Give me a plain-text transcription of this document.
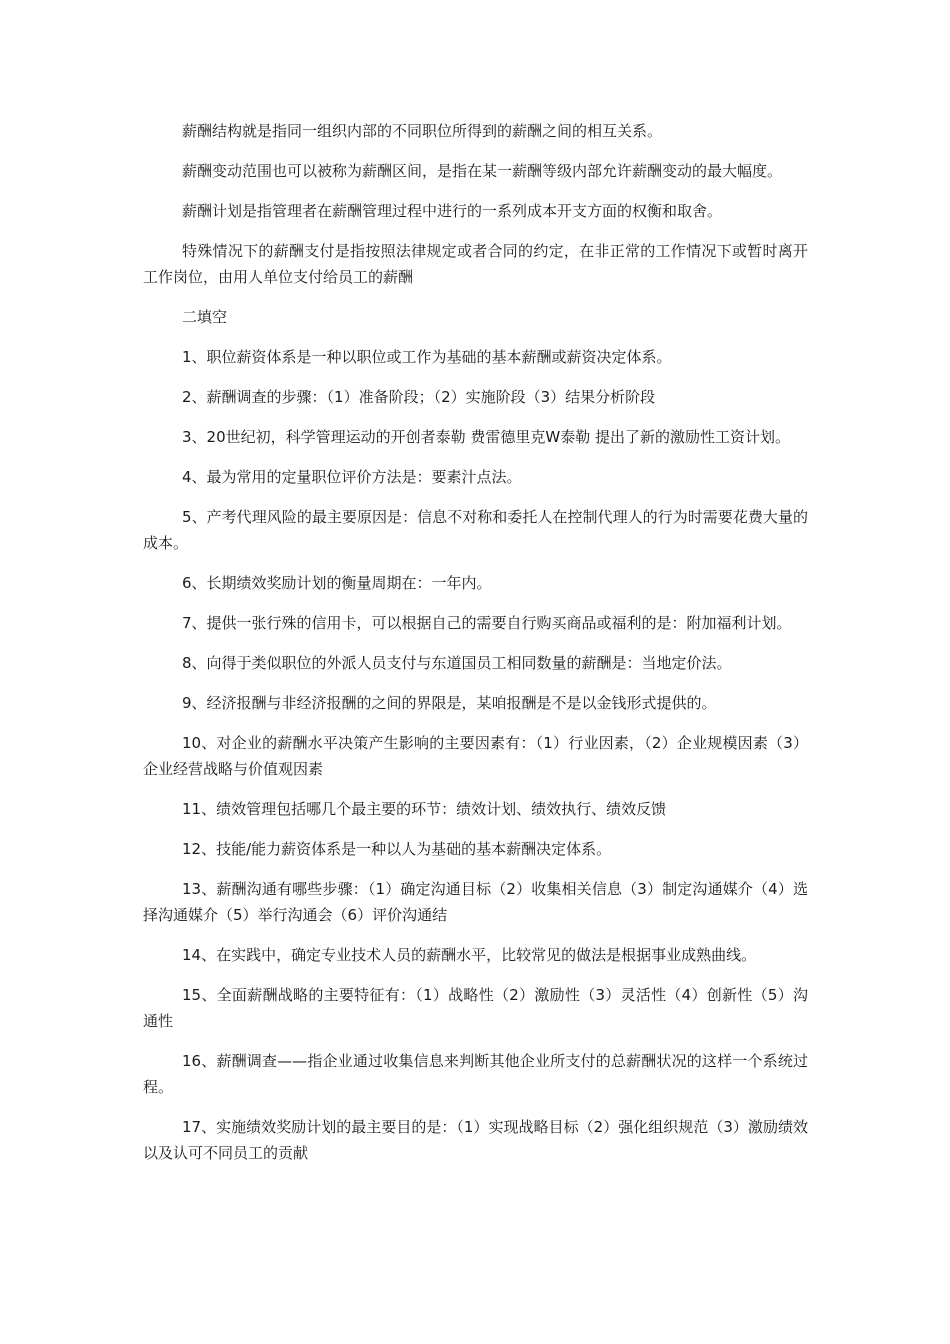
薪酬结构就是指同一组织内部的不同职位所得到的薪酬之间的相互关系。

薪酬变动范围也可以被称为薪酬区间，是指在某一薪酬等级内部允许薪酬变动的最大幅度。

薪酬计划是指管理者在薪酬管理过程中进行的一系列成本开支方面的权衡和取舍。

特殊情况下的薪酬支付是指按照法律规定或者合同的约定，在非正常的工作情况下或暂时离开工作岗位，由用人单位支付给员工的薪酬

二填空

1、职位薪资体系是一种以职位或工作为基础的基本薪酬或薪资决定体系。

2、薪酬调查的步骤：（1）准备阶段；（2）实施阶段（3）结果分析阶段

3、20世纪初，科学管理运动的开创者泰勒 费雷德里克W泰勒 提出了新的激励性工资计划。

4、最为常用的定量职位评价方法是：要素汁点法。

5、产考代理风险的最主要原因是：信息不对称和委托人在控制代理人的行为时需要花费大量的成本。

6、长期绩效奖励计划的衡量周期在：一年内。

7、提供一张行殊的信用卡，可以根据自己的需要自行购买商品或福利的是：附加福利计划。

8、向得于类似职位的外派人员支付与东道国员工相同数量的薪酬是：当地定价法。

9、经济报酬与非经济报酬的之间的界限是，某咱报酬是不是以金钱形式提供的。

10、对企业的薪酬水平决策产生影响的主要因素有：（1）行业因素，（2）企业规模因素（3）企业经营战略与价值观因素

11、绩效管理包括哪几个最主要的环节：绩效计划、绩效执行、绩效反馈

12、技能/能力薪资体系是一种以人为基础的基本薪酬决定体系。

13、薪酬沟通有哪些步骤：（1）确定沟通目标（2）收集相关信息（3）制定沟通媒介（4）选择沟通媒介（5）举行沟通会（6）评价沟通结

14、在实践中，确定专业技术人员的薪酬水平，比较常见的做法是根据事业成熟曲线。

15、全面薪酬战略的主要特征有：（1）战略性（2）激励性（3）灵活性（4）创新性（5）沟通性

16、薪酬调查——指企业通过收集信息来判断其他企业所支付的总薪酬状况的这样一个系统过程。

17、实施绩效奖励计划的最主要目的是：（1）实现战略目标（2）强化组织规范（3）激励绩效以及认可不同员工的贡献
